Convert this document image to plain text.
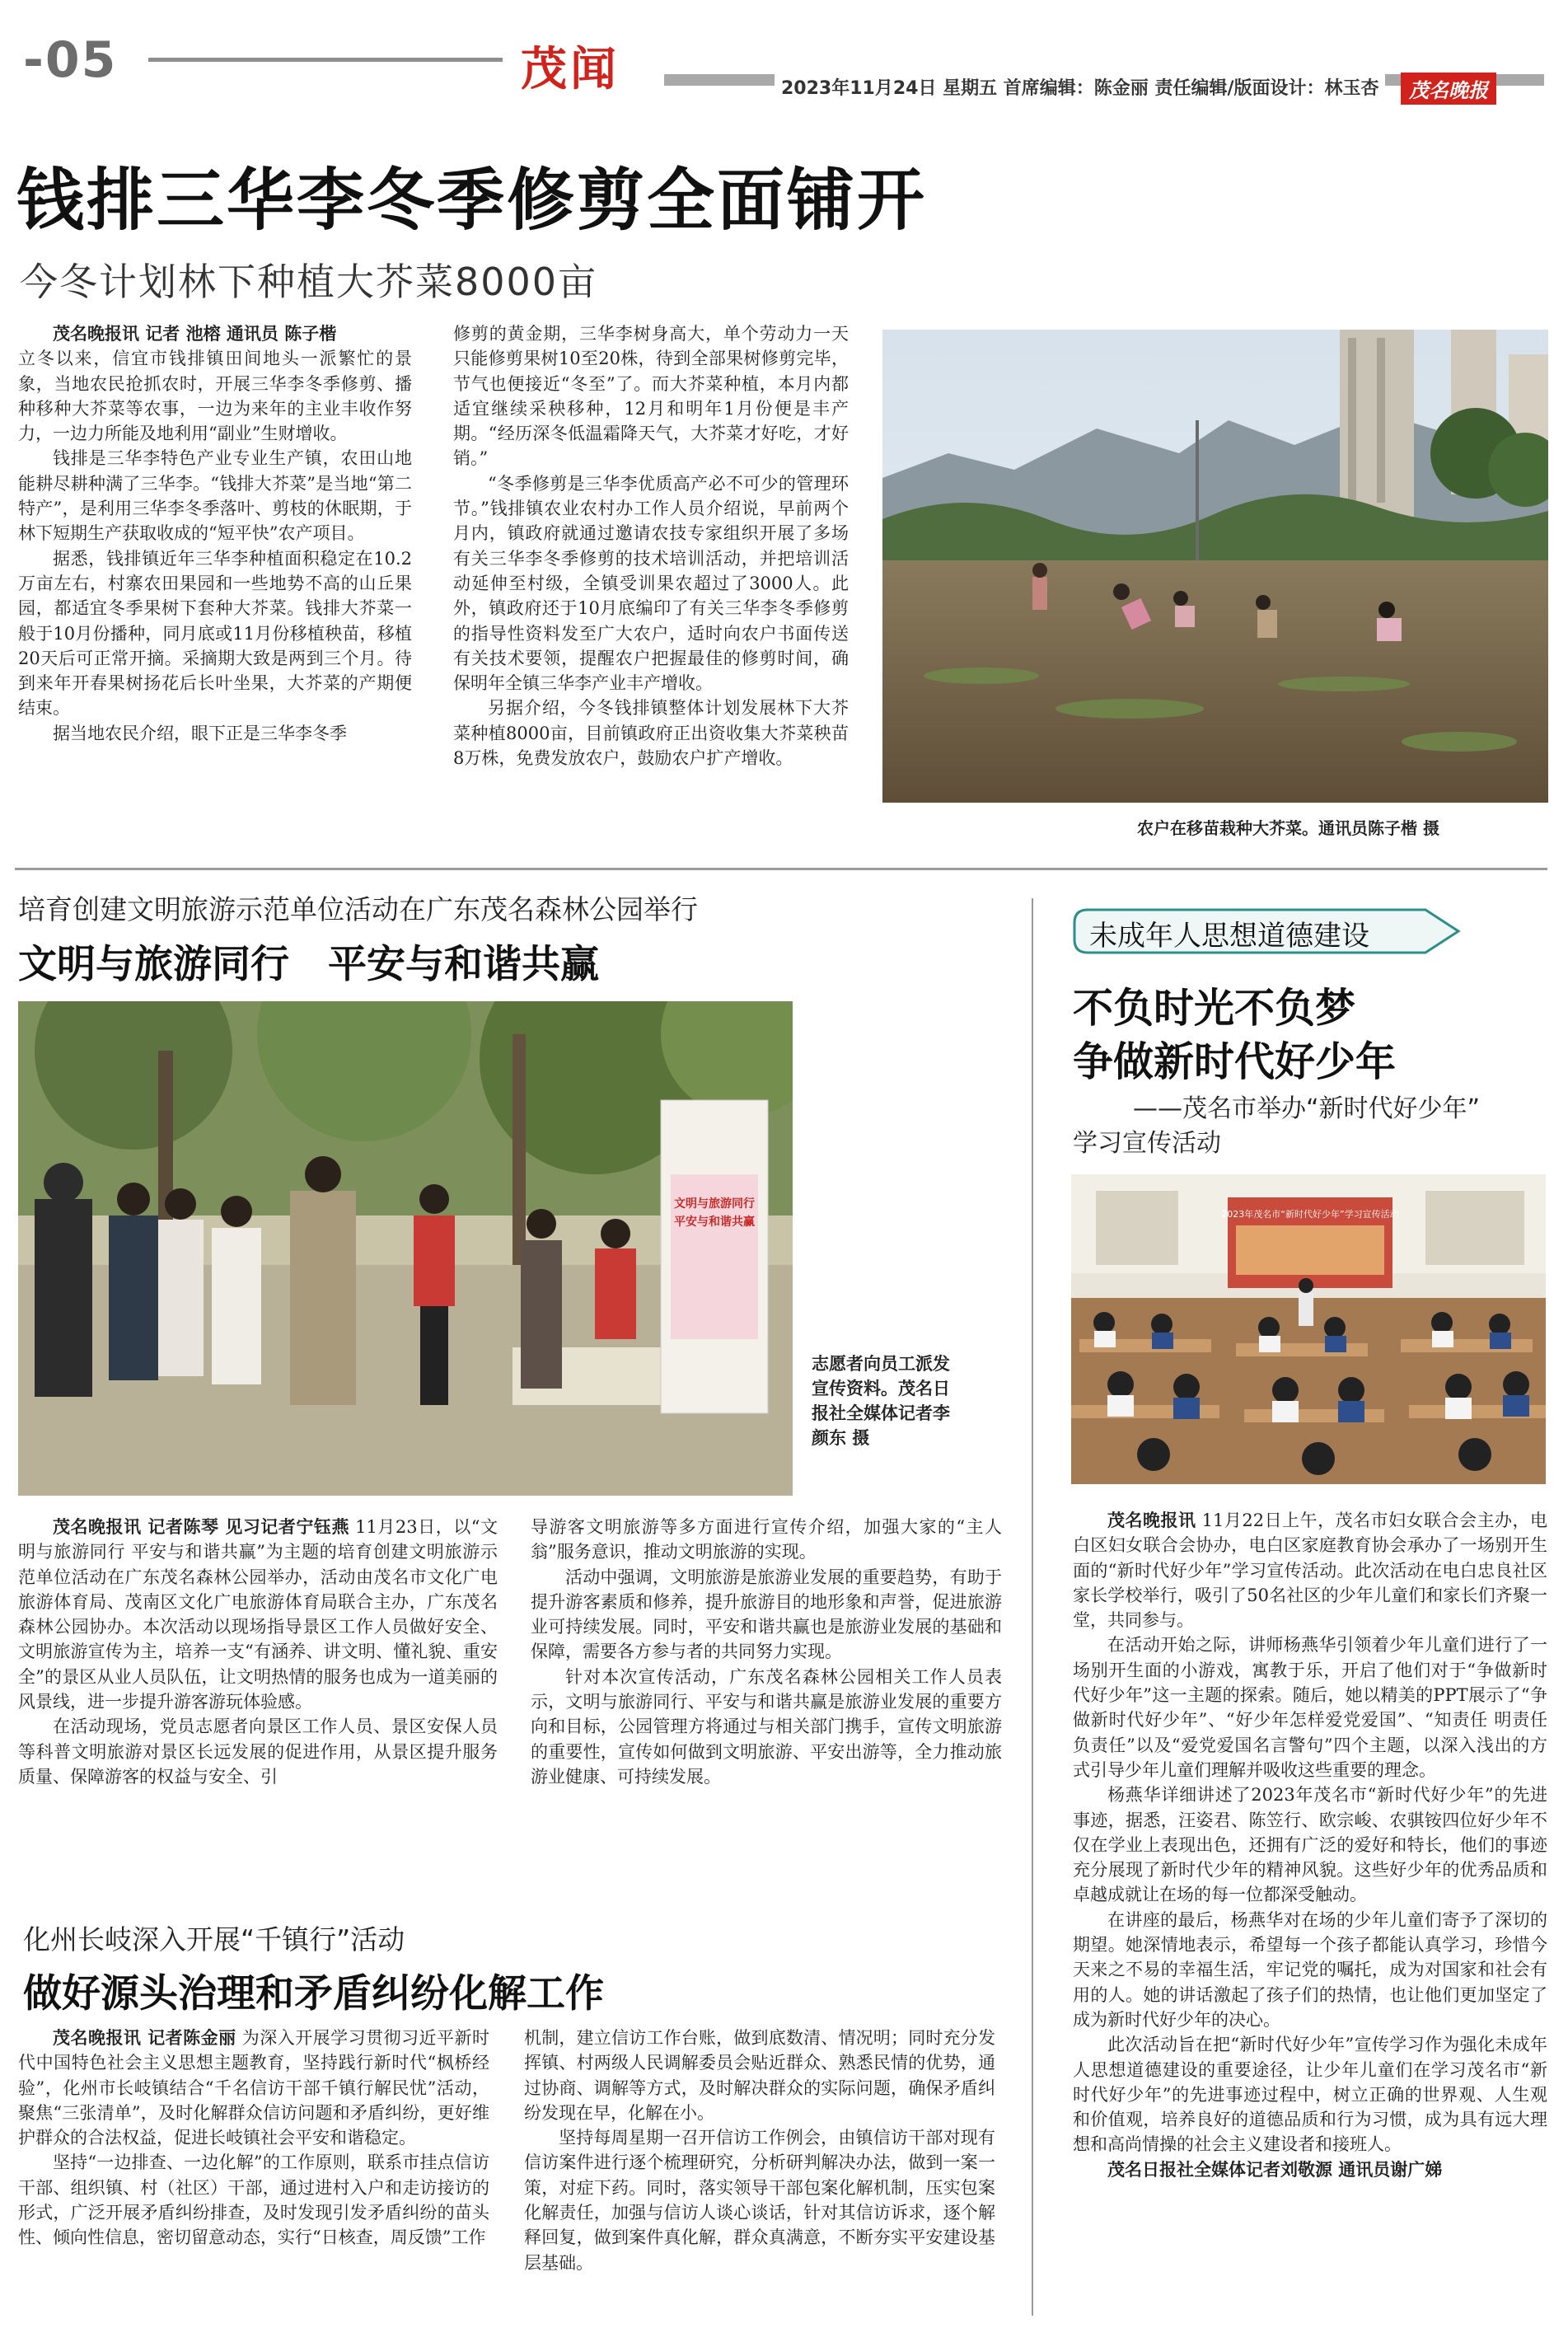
-05	茂闻	2023年11月24日 星期五 首席编辑：陈金丽 责任编辑/版面设计：林玉杏	茂名晚报
钱排三华李冬季修剪全面铺开
今冬计划林下种植大芥菜8000亩

茂名晚报讯 记者 池榕 通讯员 陈子楷

立冬以来，信宜市钱排镇田间地头一派繁忙的景象，当地农民抢抓农时，开展三华李冬季修剪、播种移种大芥菜等农事，一边为来年的主业丰收作努力，一边力所能及地利用“副业”生财增收。

钱排是三华李特色产业专业生产镇，农田山地能耕尽耕种满了三华李。“钱排大芥菜”是当地“第二特产”，是利用三华李冬季落叶、剪枝的休眠期，于林下短期生产获取收成的“短平快”农产项目。

据悉，钱排镇近年三华李种植面积稳定在10.2万亩左右，村寨农田果园和一些地势不高的山丘果园，都适宜冬季果树下套种大芥菜。钱排大芥菜一般于10月份播种，同月底或11月份移植秧苗，移植20天后可正常开摘。采摘期大致是两到三个月。待到来年开春果树扬花后长叶坐果，大芥菜的产期便结束。

据当地农民介绍，眼下正是三华李冬季

修剪的黄金期，三华李树身高大，单个劳动力一天只能修剪果树10至20株，待到全部果树修剪完毕，节气也便接近“冬至”了。而大芥菜种植，本月内都适宜继续采秧移种，12月和明年1月份便是丰产期。“经历深冬低温霜降天气，大芥菜才好吃，才好销。”

“冬季修剪是三华李优质高产必不可少的管理环节。”钱排镇农业农村办工作人员介绍说，早前两个月内，镇政府就通过邀请农技专家组织开展了多场有关三华李冬季修剪的技术培训活动，并把培训活动延伸至村级，全镇受训果农超过了3000人。此外，镇政府还于10月底编印了有关三华李冬季修剪的指导性资料发至广大农户，适时向农户书面传送有关技术要领，提醒农户把握最佳的修剪时间，确保明年全镇三华李产业丰产增收。

另据介绍，今冬钱排镇整体计划发展林下大芥菜种植8000亩，目前镇政府正出资收集大芥菜秧苗8万株，免费发放农户，鼓励农户扩产增收。

农户在移苗栽种大芥菜。通讯员陈子楷 摄
培育创建文明旅游示范单位活动在广东茂名森林公园举行
文明与旅游同行　平安与和谐共赢
文明与旅游同行
平安与和谐共赢
志愿者向员工派发宣传资料。茂名日报社全媒体记者李颜东 摄

茂名晚报讯 记者陈琴 见习记者宁钰燕 11月23日，以“文明与旅游同行 平安与和谐共赢”为主题的培育创建文明旅游示范单位活动在广东茂名森林公园举办，活动由茂名市文化广电旅游体育局、茂南区文化广电旅游体育局联合主办，广东茂名森林公园协办。本次活动以现场指导景区工作人员做好安全、文明旅游宣传为主，培养一支“有涵养、讲文明、懂礼貌、重安全”的景区从业人员队伍，让文明热情的服务也成为一道美丽的风景线，进一步提升游客游玩体验感。

在活动现场，党员志愿者向景区工作人员、景区安保人员等科普文明旅游对景区长远发展的促进作用，从景区提升服务质量、保障游客的权益与安全、引

导游客文明旅游等多方面进行宣传介绍，加强大家的“主人翁”服务意识，推动文明旅游的实现。

活动中强调，文明旅游是旅游业发展的重要趋势，有助于提升游客素质和修养，提升旅游目的地形象和声誉，促进旅游业可持续发展。同时，平安和谐共赢也是旅游业发展的基础和保障，需要各方参与者的共同努力实现。

针对本次宣传活动，广东茂名森林公园相关工作人员表示，文明与旅游同行、平安与和谐共赢是旅游业发展的重要方向和目标，公园管理方将通过与相关部门携手，宣传文明旅游的重要性，宣传如何做到文明旅游、平安出游等，全力推动旅游业健康、可持续发展。

化州长岐深入开展“千镇行”活动
做好源头治理和矛盾纠纷化解工作

茂名晚报讯 记者陈金丽 为深入开展学习贯彻习近平新时代中国特色社会主义思想主题教育，坚持践行新时代“枫桥经验”，化州市长岐镇结合“千名信访干部千镇行解民忧”活动，聚焦“三张清单”，及时化解群众信访问题和矛盾纠纷，更好维护群众的合法权益，促进长岐镇社会平安和谐稳定。

坚持“一边排查、一边化解”的工作原则，联系市挂点信访干部、组织镇、村（社区）干部，通过进村入户和走访接访的形式，广泛开展矛盾纠纷排查，及时发现引发矛盾纠纷的苗头性、倾向性信息，密切留意动态，实行“日核查，周反馈”工作

机制，建立信访工作台账，做到底数清、情况明；同时充分发挥镇、村两级人民调解委员会贴近群众、熟悉民情的优势，通过协商、调解等方式，及时解决群众的实际问题，确保矛盾纠纷发现在早，化解在小。

坚持每周星期一召开信访工作例会，由镇信访干部对现有信访案件进行逐个梳理研究，分析研判解决办法，做到一案一策，对症下药。同时，落实领导干部包案化解机制，压实包案化解责任，加强与信访人谈心谈话，针对其信访诉求，逐个解释回复，做到案件真化解，群众真满意，不断夯实平安建设基层基础。

未成年人思想道德建设
不负时光不负梦
争做新时代好少年
——茂名市举办“新时代好少年”
学习宣传活动
2023年茂名市“新时代好少年”学习宣传活动

茂名晚报讯 11月22日上午，茂名市妇女联合会主办，电白区妇女联合会协办，电白区家庭教育协会承办了一场别开生面的“新时代好少年”学习宣传活动。此次活动在电白忠良社区家长学校举行，吸引了50名社区的少年儿童们和家长们齐聚一堂，共同参与。

在活动开始之际，讲师杨燕华引领着少年儿童们进行了一场别开生面的小游戏，寓教于乐，开启了他们对于“争做新时代好少年”这一主题的探索。随后，她以精美的PPT展示了“争做新时代好少年”、“好少年怎样爱党爱国”、“知责任 明责任 负责任”以及“爱党爱国名言警句”四个主题，以深入浅出的方式引导少年儿童们理解并吸收这些重要的理念。

杨燕华详细讲述了2023年茂名市“新时代好少年”的先进事迹，据悉，汪姿君、陈笠行、欧宗峻、农骐铵四位好少年不仅在学业上表现出色，还拥有广泛的爱好和特长，他们的事迹充分展现了新时代少年的精神风貌。这些好少年的优秀品质和卓越成就让在场的每一位都深受触动。

在讲座的最后，杨燕华对在场的少年儿童们寄予了深切的期望。她深情地表示，希望每一个孩子都能认真学习，珍惜今天来之不易的幸福生活，牢记党的嘱托，成为对国家和社会有用的人。她的讲话激起了孩子们的热情，也让他们更加坚定了成为新时代好少年的决心。

此次活动旨在把“新时代好少年”宣传学习作为强化未成年人思想道德建设的重要途径，让少年儿童们在学习茂名市“新时代好少年”的先进事迹过程中，树立正确的世界观、人生观和价值观，培养良好的道德品质和行为习惯，成为具有远大理想和高尚情操的社会主义建设者和接班人。

茂名日报社全媒体记者刘敬源 通讯员谢广娣
